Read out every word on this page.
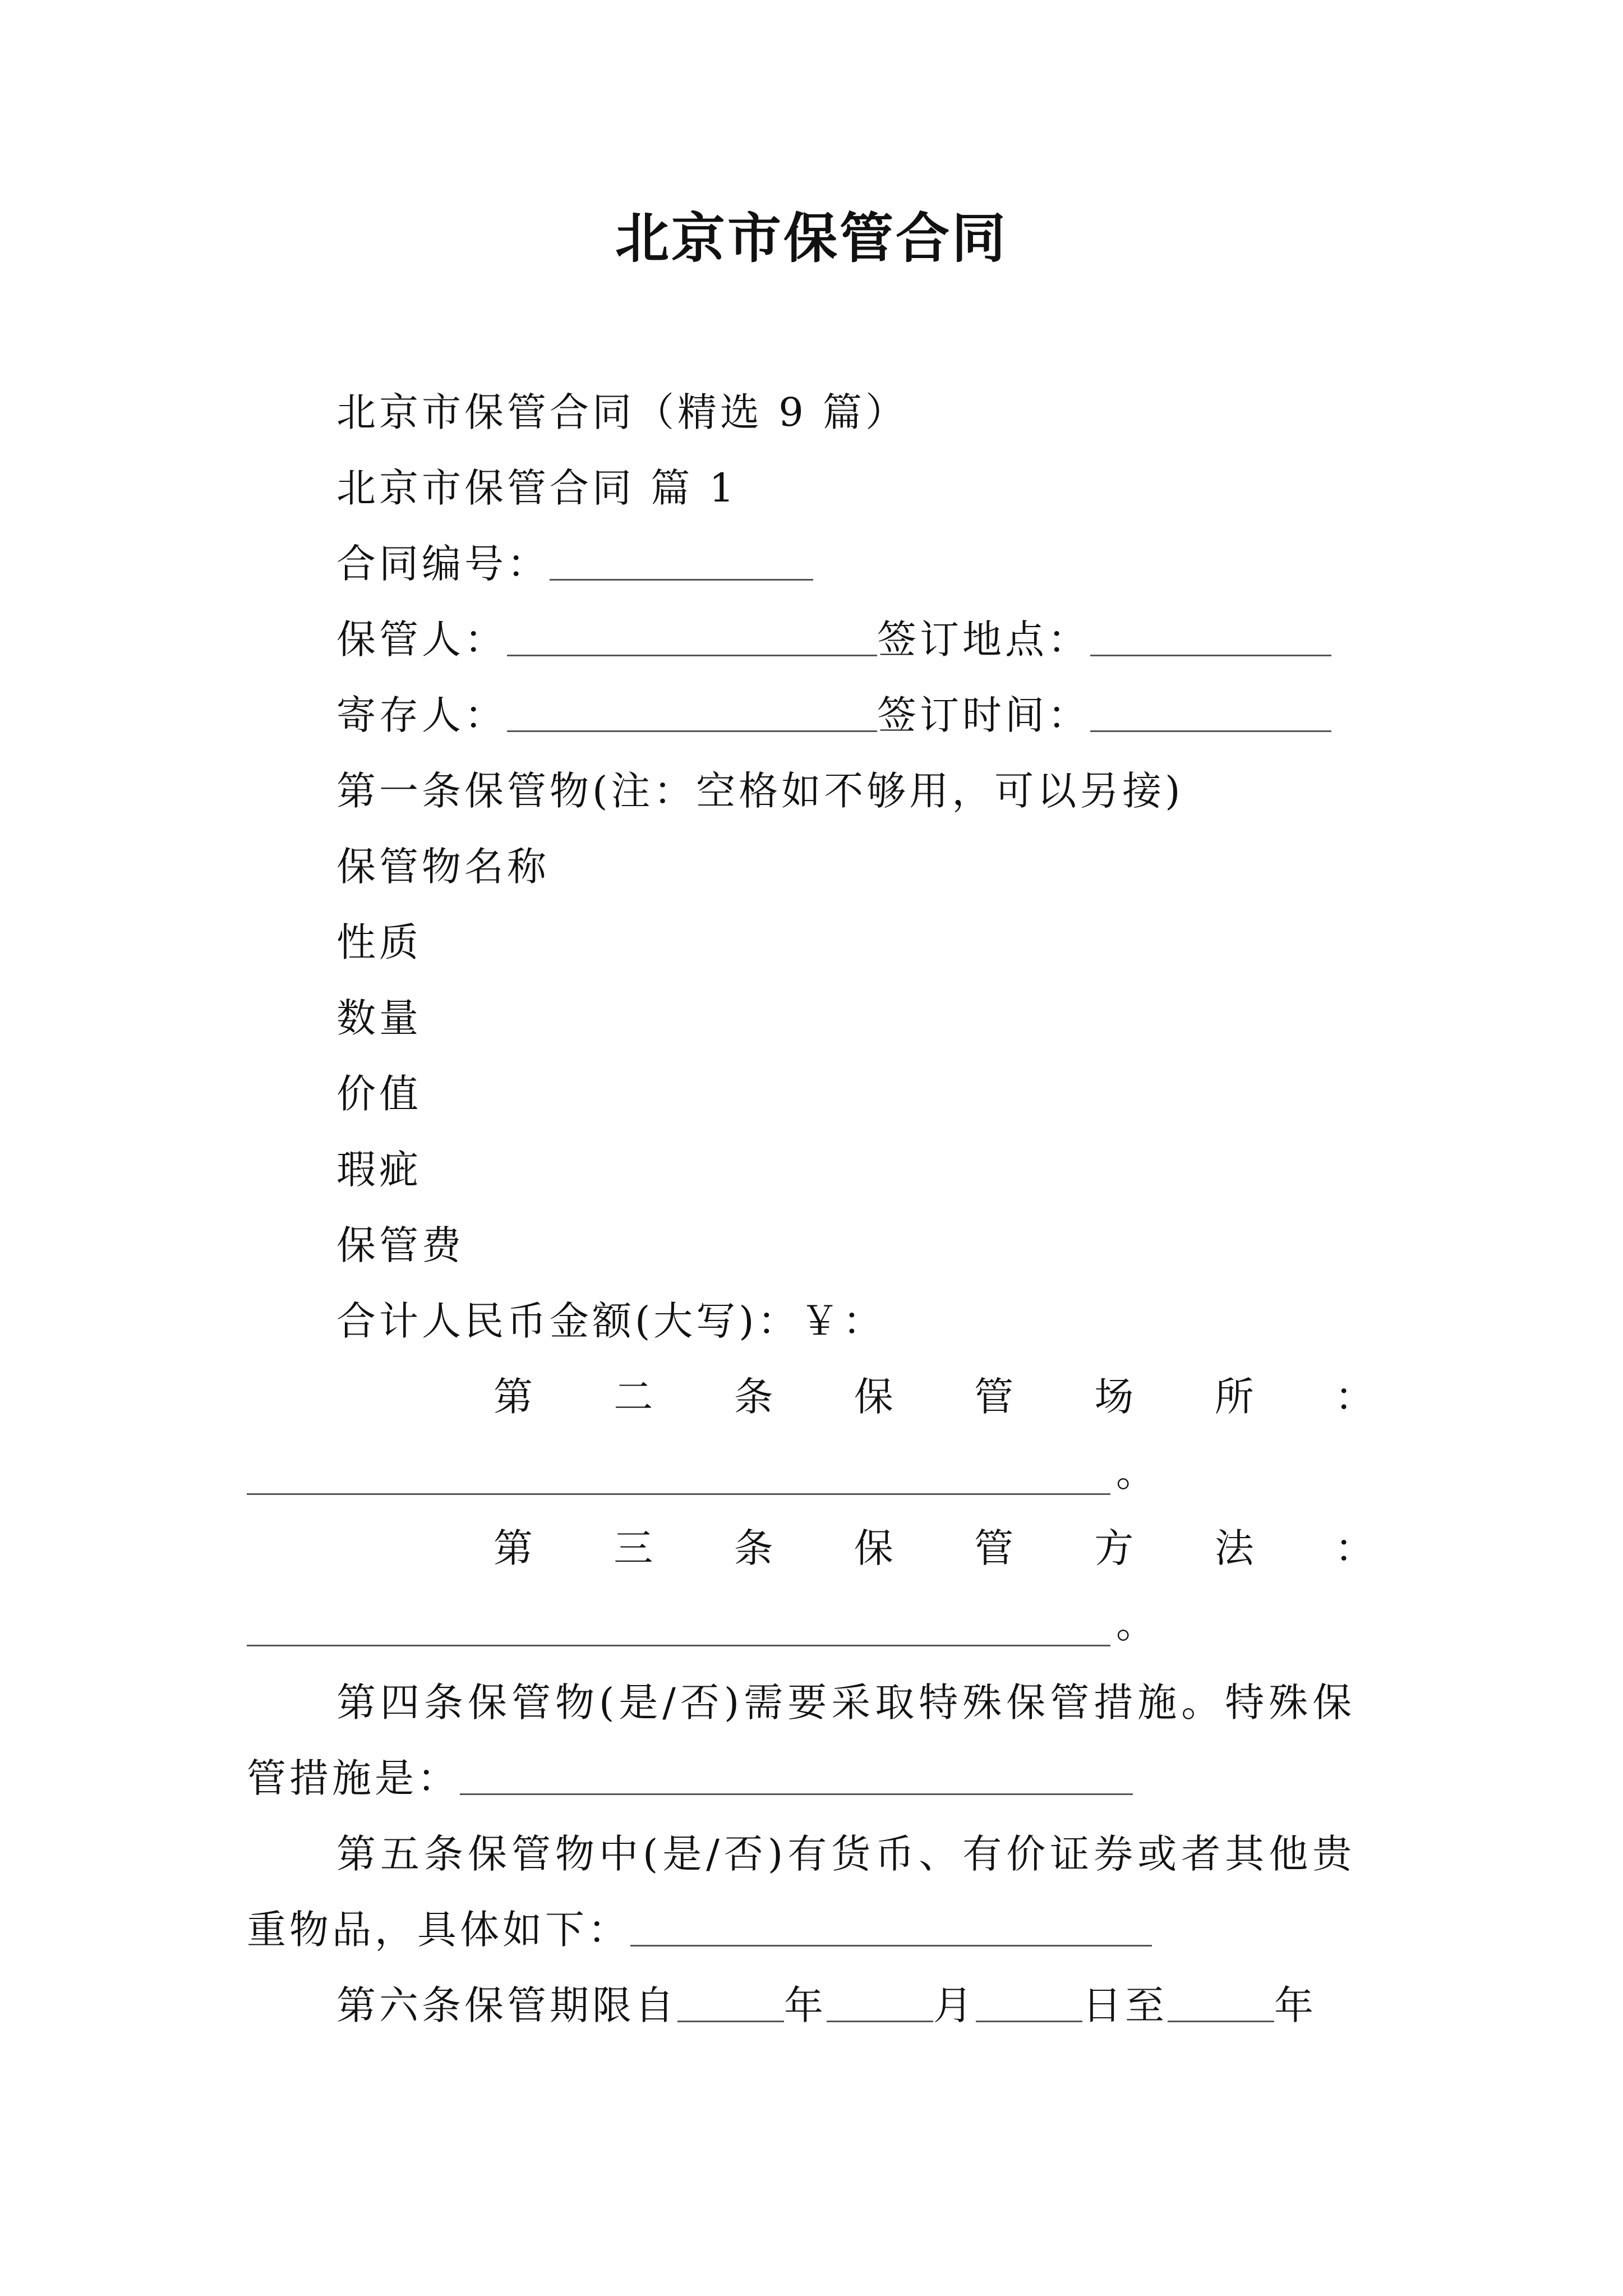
北京市保管合同
北京市保管合同（精选 9 篇）
北京市保管合同 篇 1
合同编号：
保管人：	签订地点：
寄存人：	签订时间：
第一条保管物(注：空格如不够用，可以另接)
保管物名称
性质
数量
价值
瑕疵
保管费
合计人民币金额(大写)：￥：
第 二 条 保 管 场 所 ：
。
第 三 条 保 管 方 法 ：
。
第四条保管物(是/否)需要采取特殊保管措施。特殊保
管措施是：
第五条保管物中(是/否)有货币、有价证券或者其他贵
重物品，具体如下：
第六条保管期限自	年	月	日至	年
